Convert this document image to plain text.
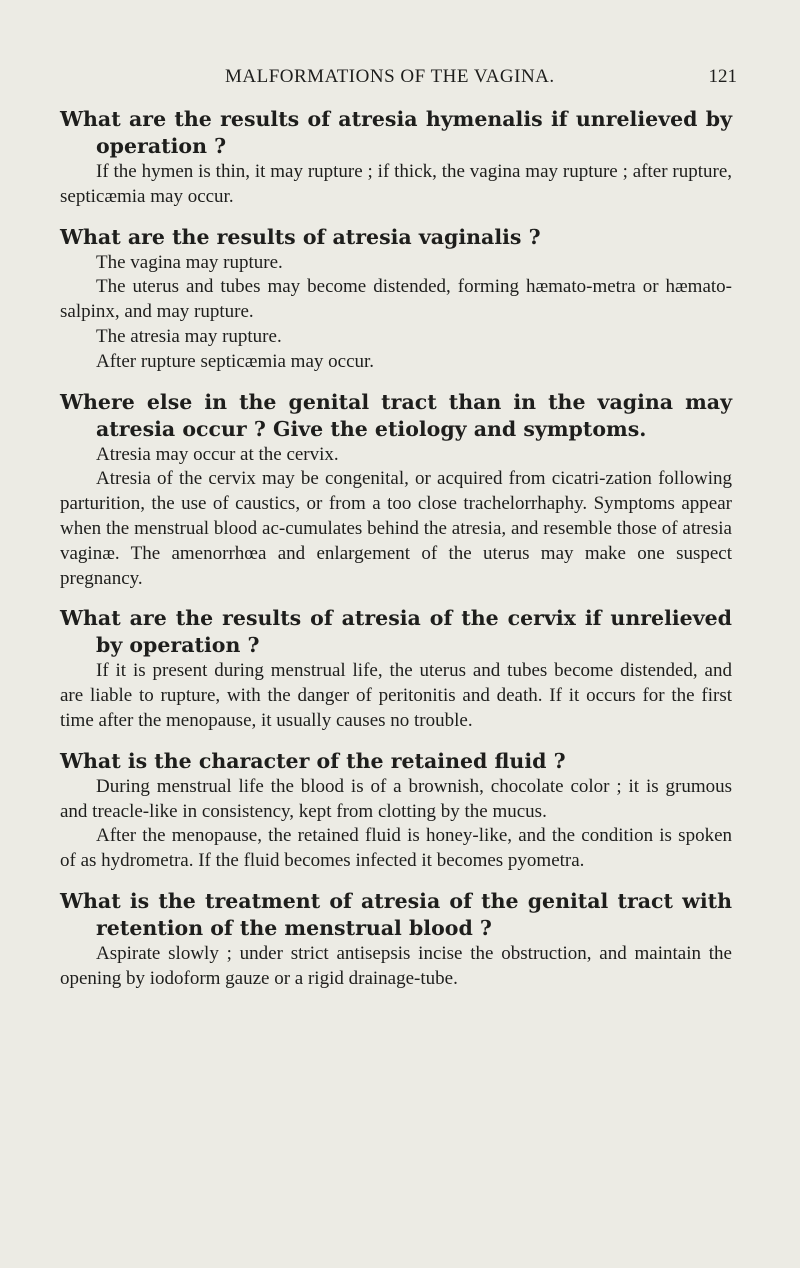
MALFORMATIONS OF THE VAGINA.	121

What are the results of atresia hymenalis if unrelieved by operation ?

If the hymen is thin, it may rupture ; if thick, the vagina may rupture ; after rupture, septicæmia may occur.

What are the results of atresia vaginalis ?

The vagina may rupture.

The uterus and tubes may become distended, forming hæmato-metra or hæmato-salpinx, and may rupture.

The atresia may rupture.

After rupture septicæmia may occur.

Where else in the genital tract than in the vagina may atresia occur ? Give the etiology and symptoms.

Atresia may occur at the cervix.

Atresia of the cervix may be congenital, or acquired from cicatri-zation following parturition, the use of caustics, or from a too close trachelorrhaphy. Symptoms appear when the menstrual blood ac-cumulates behind the atresia, and resemble those of atresia vaginæ. The amenorrhœa and enlargement of the uterus may make one suspect pregnancy.

What are the results of atresia of the cervix if unrelieved by operation ?

If it is present during menstrual life, the uterus and tubes become distended, and are liable to rupture, with the danger of peritonitis and death. If it occurs for the first time after the menopause, it usually causes no trouble.

What is the character of the retained fluid ?

During menstrual life the blood is of a brownish, chocolate color ; it is grumous and treacle-like in consistency, kept from clotting by the mucus.

After the menopause, the retained fluid is honey-like, and the condition is spoken of as hydrometra. If the fluid becomes infected it becomes pyometra.

What is the treatment of atresia of the genital tract with retention of the menstrual blood ?

Aspirate slowly ; under strict antisepsis incise the obstruction, and maintain the opening by iodoform gauze or a rigid drainage-tube.
